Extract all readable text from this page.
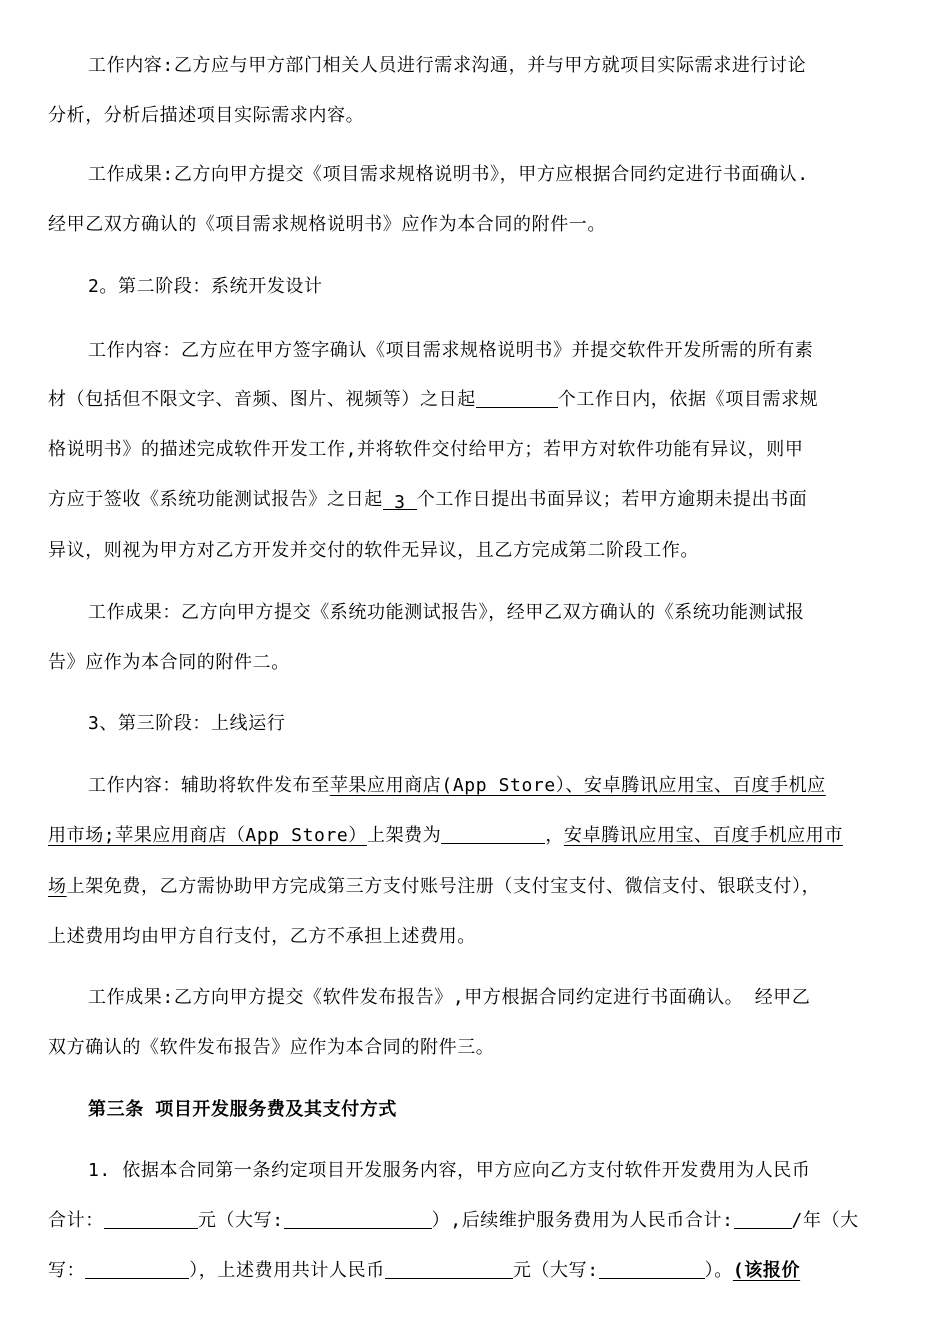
工作内容:乙方应与甲方部门相关人员进行需求沟通，并与甲方就项目实际需求进行讨论
分析，分析后描述项目实际需求内容。
工作成果:乙方向甲方提交《项目需求规格说明书》，甲方应根据合同约定进行书面确认.
经甲乙双方确认的《项目需求规格说明书》应作为本合同的附件一。
2。第二阶段：系统开发设计
工作内容：乙方应在甲方签字确认《项目需求规格说明书》并提交软件开发所需的所有素
材（包括但不限文字、音频、图片、视频等）之日起	个工作日内，依据《项目需求规
格说明书》的描述完成软件开发工作,并将软件交付给甲方；若甲方对软件功能有异议，则甲
方应于签收《系统功能测试报告》之日起 3 个工作日提出书面异议；若甲方逾期未提出书面
异议，则视为甲方对乙方开发并交付的软件无异议，且乙方完成第二阶段工作。
工作成果：乙方向甲方提交《系统功能测试报告》，经甲乙双方确认的《系统功能测试报
告》应作为本合同的附件二。
3、第三阶段：上线运行
工作内容：辅助将软件发布至苹果应用商店(App Store）、安卓腾讯应用宝、百度手机应
用市场;苹果应用商店（App Store）上架费为	，安卓腾讯应用宝、百度手机应用市
场上架免费，乙方需协助甲方完成第三方支付账号注册（支付宝支付、微信支付、银联支付），
上述费用均由甲方自行支付，乙方不承担上述费用。
工作成果:乙方向甲方提交《软件发布报告》,甲方根据合同约定进行书面确认。 经甲乙
双方确认的《软件发布报告》应作为本合同的附件三。
第三条 项目开发服务费及其支付方式
1. 依据本合同第一条约定项目开发服务内容，甲方应向乙方支付软件开发费用为人民币
合计：	元（大写:	）,后续维护服务费用为人民币合计:	/年（大
写：	），上述费用共计人民币	元（大写:	）。(该报价
